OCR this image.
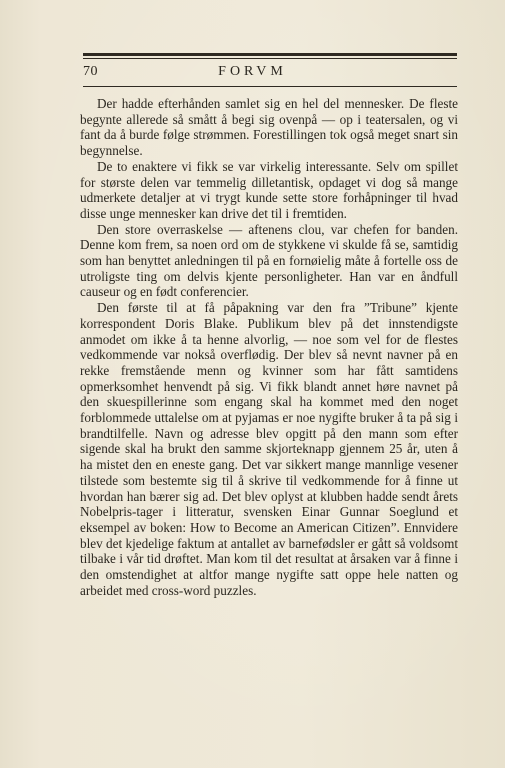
70	FORVM

Der hadde efterhånden samlet sig en hel del mennesker. De fleste begynte allerede så smått å begi sig ovenpå — op i teatersalen, og vi fant da å burde følge strømmen. Forestillingen tok også meget snart sin begynnelse.

De to enaktere vi fikk se var virkelig interessante. Selv om spillet for største delen var temmelig dilletantisk, opdaget vi dog så mange udmerkete detaljer at vi trygt kunde sette store forhåpninger til hvad disse unge mennesker kan drive det til i fremtiden.

Den store overraskelse — aftenens clou, var chefen for banden. Denne kom frem, sa noen ord om de stykkene vi skulde få se, samtidig som han benyttet anledningen til på en fornøielig måte å fortelle oss de utroligste ting om delvis kjente personligheter. Han var en åndfull causeur og en født conferencier.

Den første til at få påpakning var den fra ”Tribune” kjente korrespondent Doris Blake. Publikum blev på det innstendigste anmodet om ikke å ta henne alvorlig, — noe som vel for de flestes vedkommende var nokså overflødig. Der blev så nevnt navner på en rekke fremstående menn og kvinner som har fått samtidens opmerksomhet henvendt på sig. Vi fikk blandt annet høre navnet på den skuespillerinne som engang skal ha kommet med den noget forblommede uttalelse om at pyjamas er noe nygifte bruker å ta på sig i brandtilfelle. Navn og adresse blev opgitt på den mann som efter sigende skal ha brukt den samme skjorteknapp gjennem 25 år, uten å ha mistet den en eneste gang. Det var sikkert mange mannlige vesener tilstede som bestemte sig til å skrive til vedkommende for å finne ut hvordan han bærer sig ad. Det blev oplyst at klubben hadde sendt årets Nobelpris-tager i litteratur, svensken Einar Gunnar Soeglund et eksempel av boken: How to Become an American Citizen”. Ennvidere blev det kjedelige faktum at antallet av barnefødsler er gått så voldsomt tilbake i vår tid drøftet. Man kom til det resultat at årsaken var å finne i den omstendighet at altfor mange nygifte satt oppe hele natten og arbeidet med cross-word puzzles.
